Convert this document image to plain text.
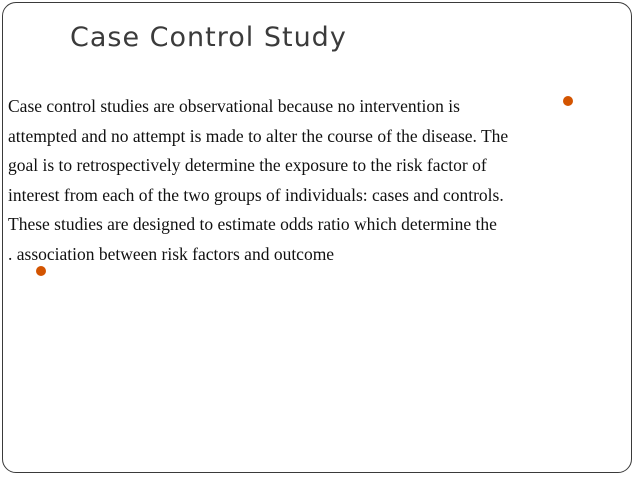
Case Control Study
Case control studies are observational because no intervention is
attempted and no attempt is made to alter the course of the disease. The
goal is to retrospectively determine the exposure to the risk factor of
interest from each of the two groups of individuals: cases and controls.
These studies are designed to estimate odds ratio which determine the
. association between risk factors and outcome
